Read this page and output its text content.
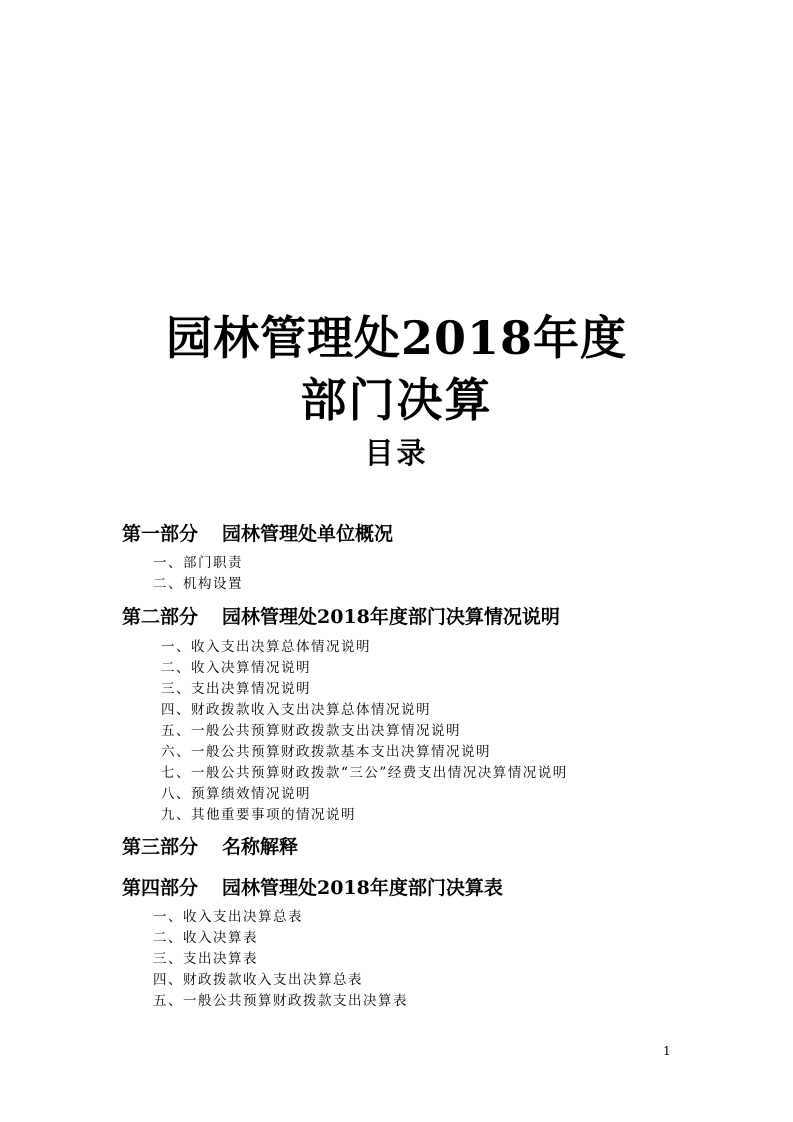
园林管理处2018年度
部门决算
目录
第一部分 园林管理处单位概况
一、部门职责
二、机构设置
第二部分 园林管理处2018年度部门决算情况说明
一、收入支出决算总体情况说明
二、收入决算情况说明
三、支出决算情况说明
四、财政拨款收入支出决算总体情况说明
五、一般公共预算财政拨款支出决算情况说明
六、一般公共预算财政拨款基本支出决算情况说明
七、一般公共预算财政拨款“三公”经费支出情况决算情况说明
八、预算绩效情况说明
九、其他重要事项的情况说明
第三部分 名称解释
第四部分 园林管理处2018年度部门决算表
一、收入支出决算总表
二、收入决算表
三、支出决算表
四、财政拨款收入支出决算总表
五、一般公共预算财政拨款支出决算表
1
